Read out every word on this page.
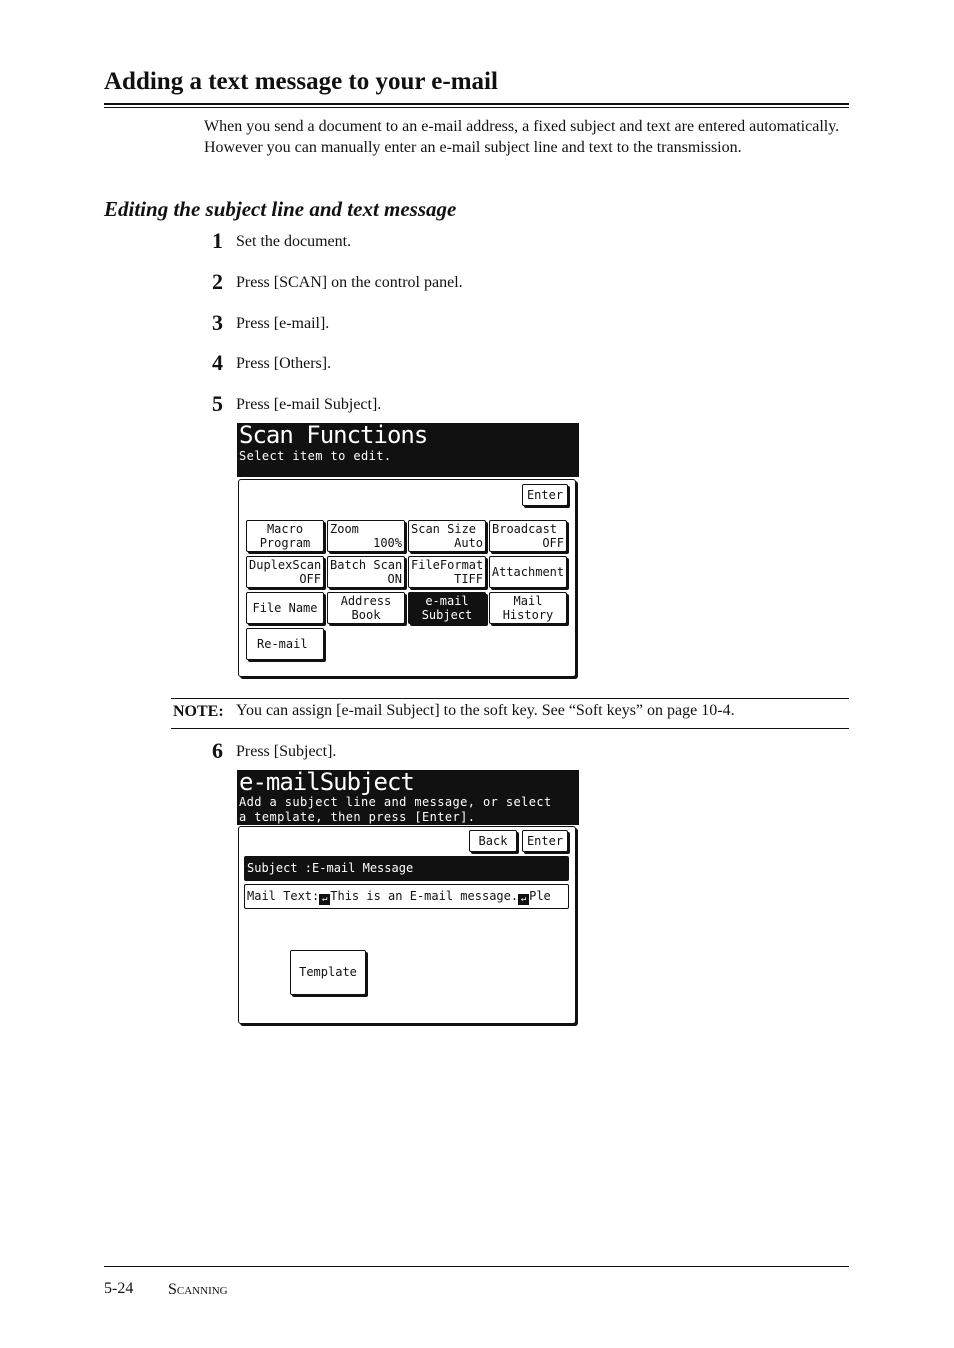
Adding a text message to your e-mail
When you send a document to an e-mail address, a fixed subject and text are entered automatically. However you can manually enter an e-mail subject line and text to the transmission.
Editing the subject line and text message
1 Set the document.
2 Press [SCAN] on the control panel.
3 Press [e-mail].
4 Press [Others].
5 Press [e-mail Subject].
Scan Functions
Select item to edit.
Enter
Macro
Program
Zoom
100%
Scan Size
Auto
Broadcast
OFF
DuplexScan
OFF
Batch Scan
ON
FileFormat
TIFF Attachment
File Name	Address
Book
e-mail
Subject
Mail
History
Re-mail
NOTE: You can assign [e-mail Subject] to the soft key. See “Soft keys” on page 10-4.
6 Press [Subject].
e-mailSubject
Add a subject line and message, or select
a template, then press [Enter].
Back	Enter
Subject :E-mail Message
Mail Text: ↵ This is an E-mail message. ↵ Ple
Template
5-24 Scanning
